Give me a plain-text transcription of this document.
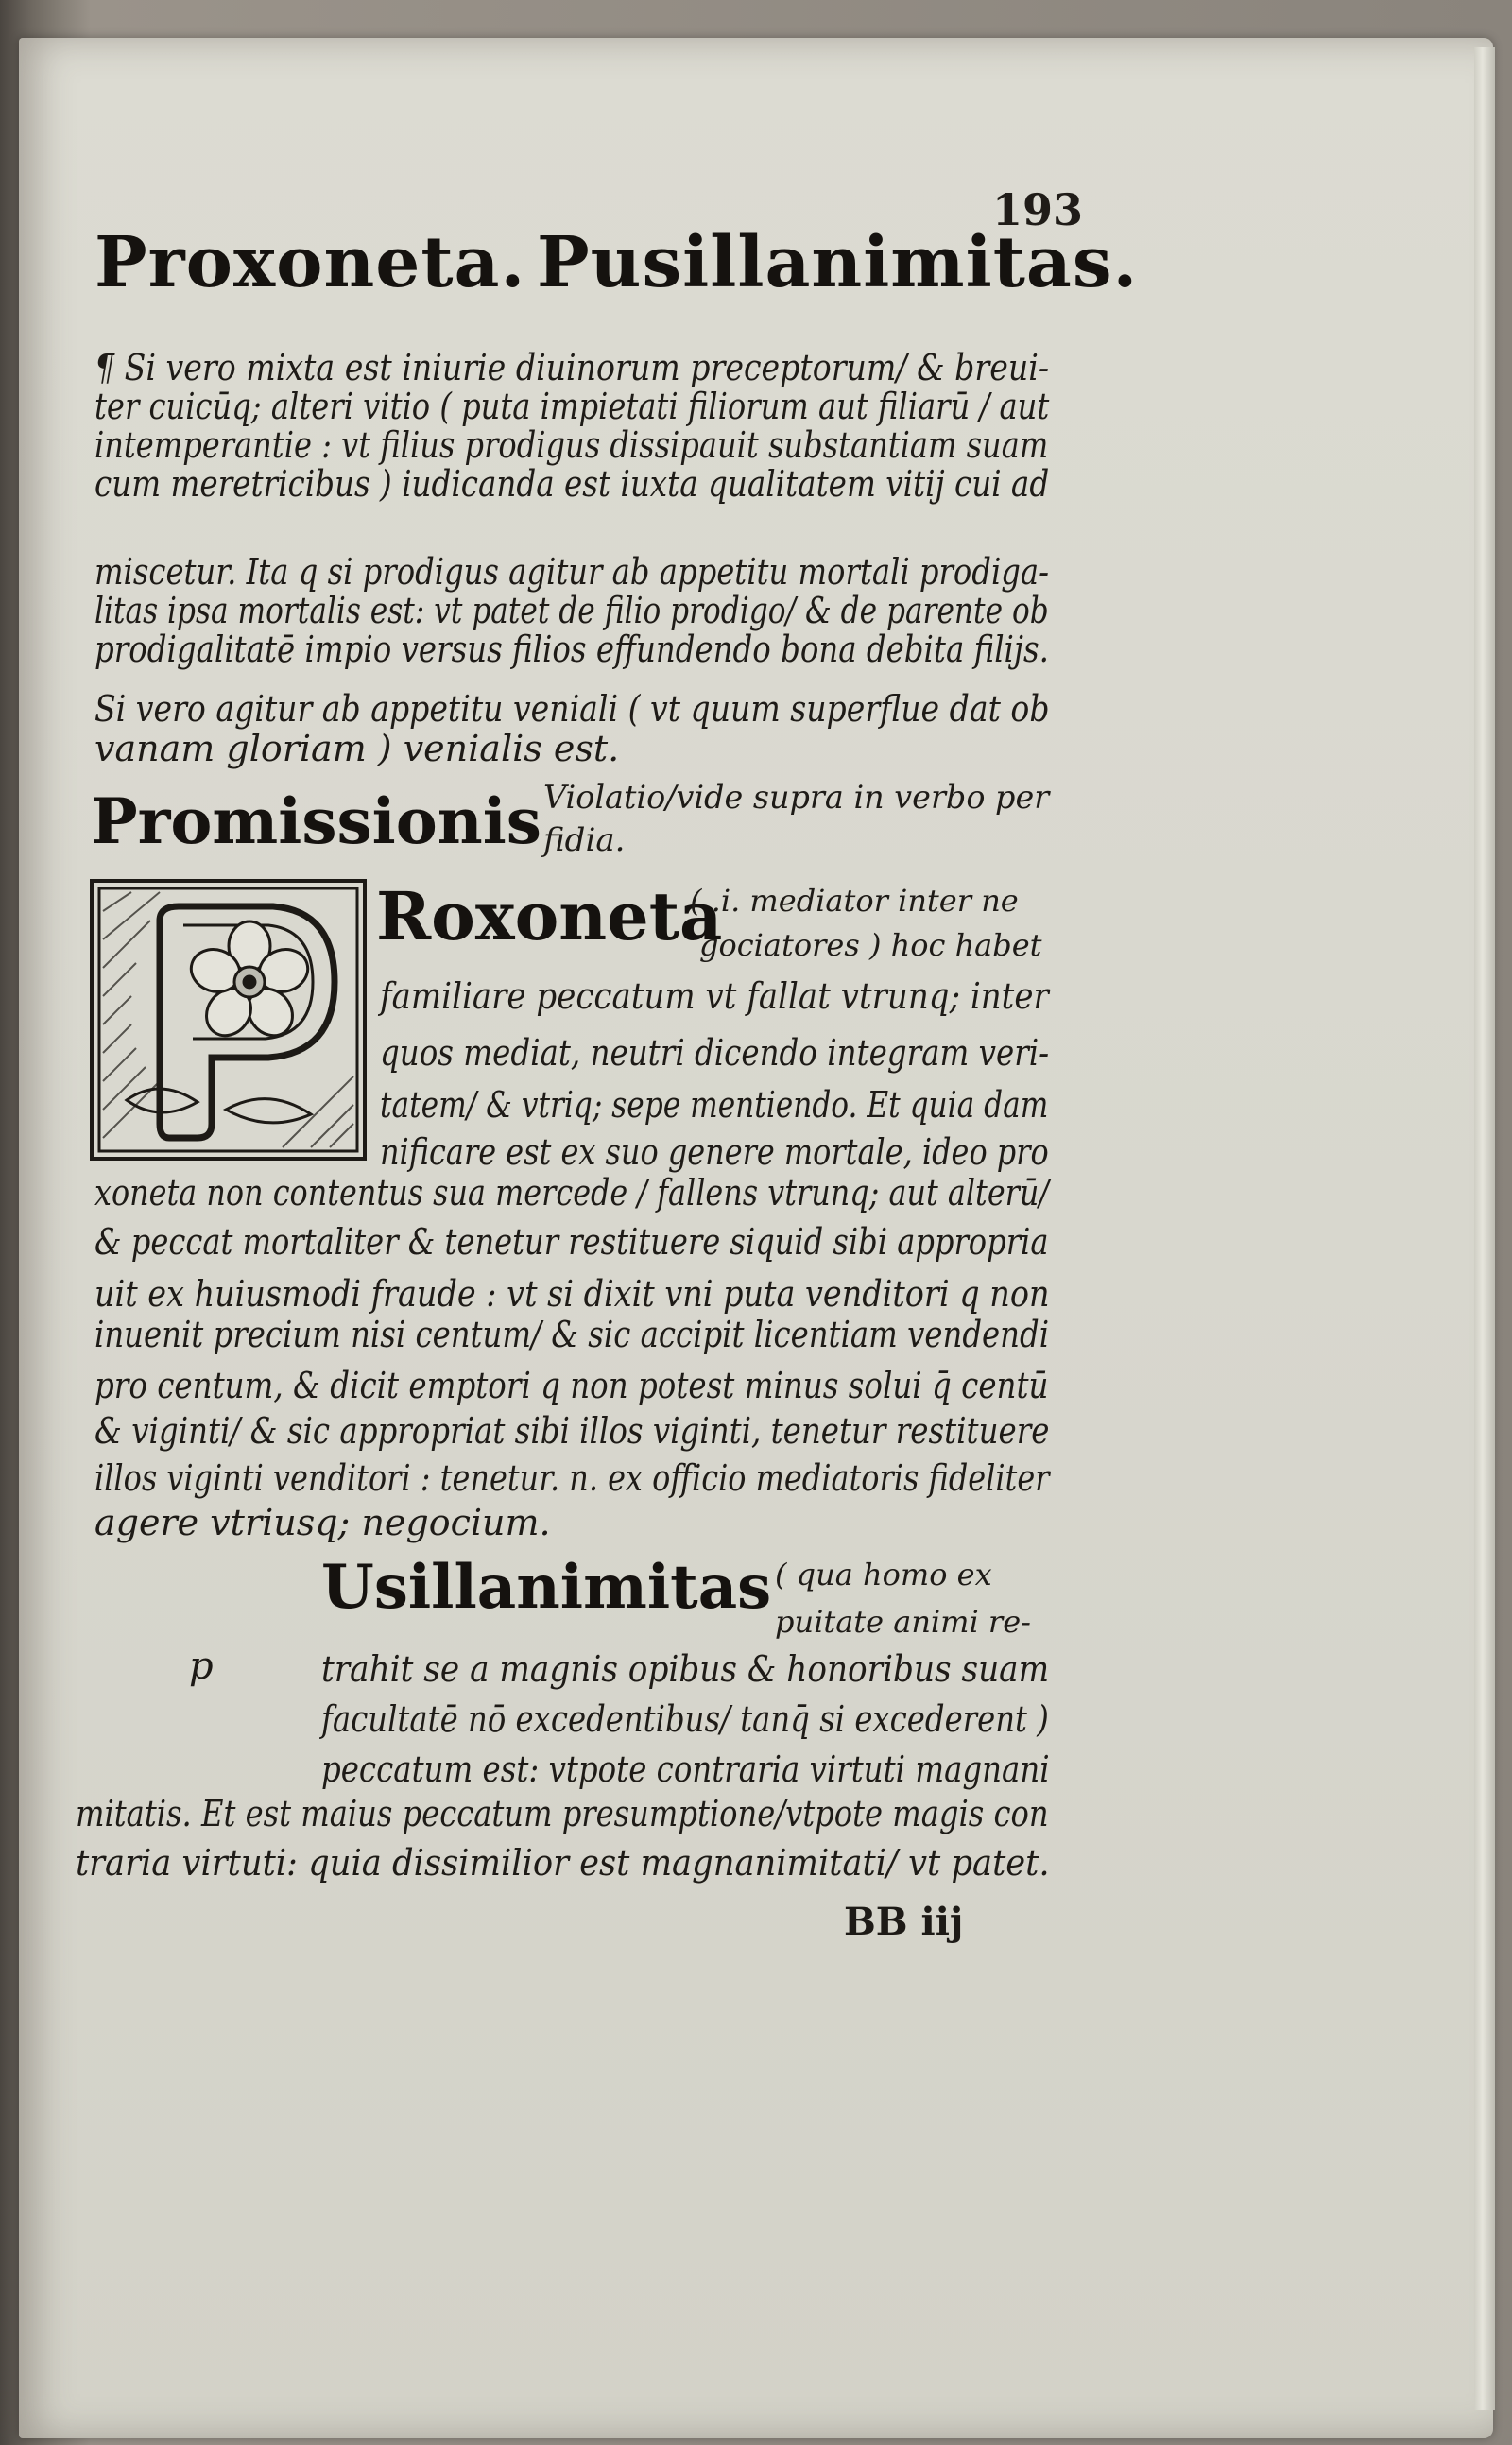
193
Proxoneta. Pusillanimitas.
¶ Si vero mixta est iniurie diuinorum preceptorum/ & breui-
ter cuicūq; alteri vitio ( puta impietati filiorum aut filiarū / aut
intemperantie : vt filius prodigus dissipauit substantiam suam
cum meretricibus ) iudicanda est iuxta qualitatem vitij cui ad
miscetur. Ita q si prodigus agitur ab appetitu mortali prodiga-
litas ipsa mortalis est: vt patet de filio prodigo/ & de parente ob
prodigalitatē impio versus filios effundendo bona debita filijs.
Si vero agitur ab appetitu veniali ( vt quum superflue dat ob
vanam gloriam ) venialis est.
Promissionis Violatio/vide supra in verbo per
fidia.
Roxoneta
( .i. mediator inter ne
gociatores ) hoc habet
familiare peccatum vt fallat vtrunq; inter
quos mediat, neutri dicendo integram veri-
tatem/ & vtriq; sepe mentiendo. Et quia dam
nificare est ex suo genere mortale, ideo pro
xoneta non contentus sua mercede / fallens vtrunq; aut alterū/
& peccat mortaliter & tenetur restituere siquid sibi appropria
uit ex huiusmodi fraude : vt si dixit vni puta venditori q non
inuenit precium nisi centum/ & sic accipit licentiam vendendi
pro centum, & dicit emptori q non potest minus solui q̄ centū
& viginti/ & sic appropriat sibi illos viginti, tenetur restituere
illos viginti venditori : tenetur. n. ex officio mediatoris fideliter
agere vtriusq; negocium.
Usillanimitas ( qua homo ex
puitate animi re-
p	trahit se a magnis opibus & honoribus suam
facultatē nō excedentibus/ tanq̄ si excederent )
peccatum est: vtpote contraria virtuti magnani
mitatis. Et est maius peccatum presumptione/vtpote magis con
traria virtuti: quia dissimilior est magnanimitati/ vt patet.
BB iij
